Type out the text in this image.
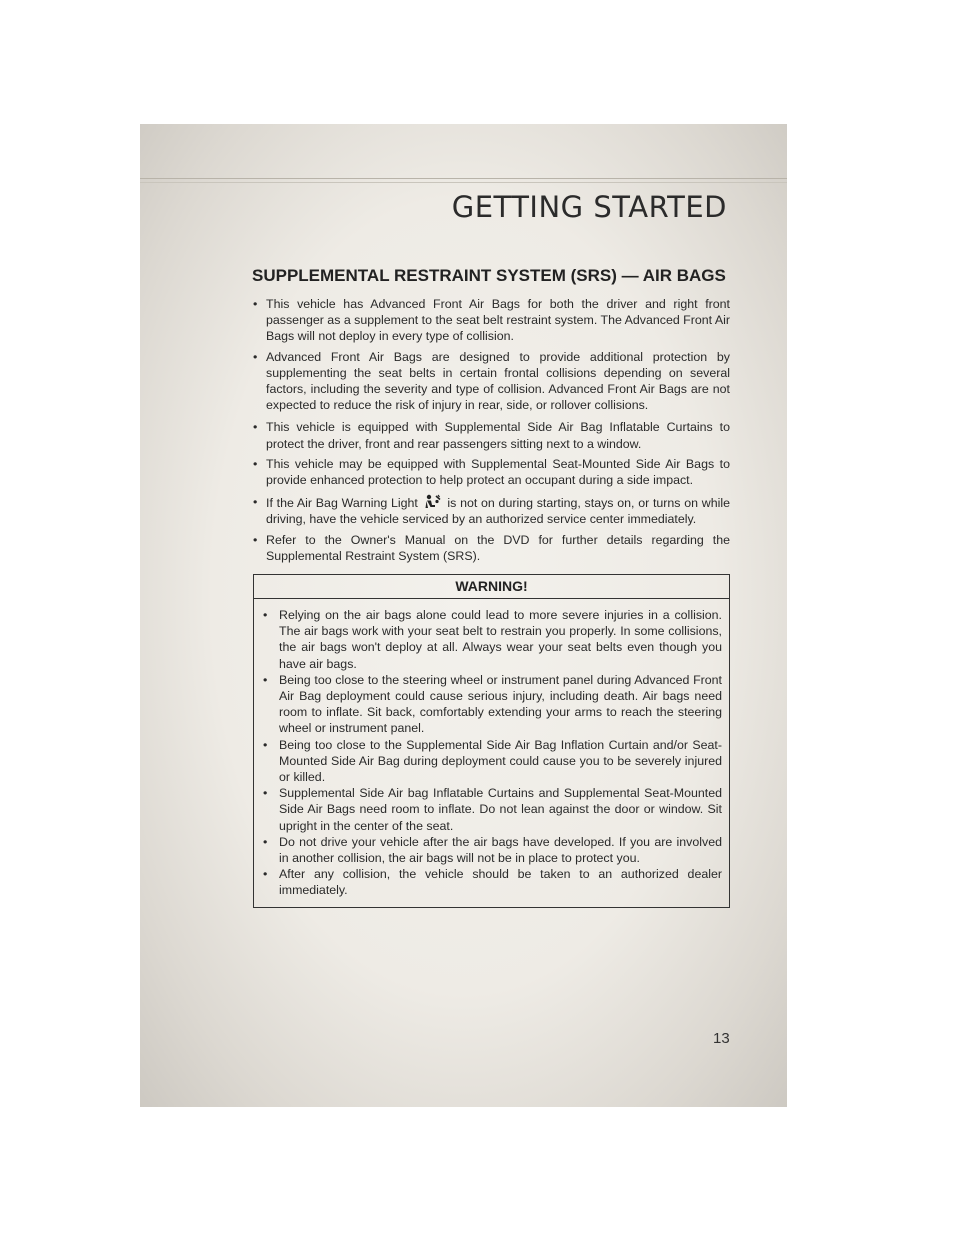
GETTING STARTED
SUPPLEMENTAL RESTRAINT SYSTEM (SRS) — AIR BAGS
• This vehicle has Advanced Front Air Bags for both the driver and right front passenger as a supplement to the seat belt restraint system. The Advanced Front Air Bags will not deploy in every type of collision.
• Advanced Front Air Bags are designed to provide additional protection by supplementing the seat belts in certain frontal collisions depending on several factors, including the severity and type of collision. Advanced Front Air Bags are not expected to reduce the risk of injury in rear, side, or rollover collisions.
• This vehicle is equipped with Supplemental Side Air Bag Inflatable Curtains to protect the driver, front and rear passengers sitting next to a window.
• This vehicle may be equipped with Supplemental Seat-Mounted Side Air Bags to provide enhanced protection to help protect an occupant during a side impact.
• If the Air Bag Warning Light is not on during starting, stays on, or turns on while driving, have the vehicle serviced by an authorized service center immediately.
• Refer to the Owner's Manual on the DVD for further details regarding the Supplemental Restraint System (SRS).
WARNING!
• Relying on the air bags alone could lead to more severe injuries in a collision. The air bags work with your seat belt to restrain you properly. In some collisions, the air bags won't deploy at all. Always wear your seat belts even though you have air bags.
• Being too close to the steering wheel or instrument panel during Advanced Front Air Bag deployment could cause serious injury, including death. Air bags need room to inflate. Sit back, comfortably extending your arms to reach the steering wheel or instrument panel.
• Being too close to the Supplemental Side Air Bag Inflation Curtain and/or Seat-Mounted Side Air Bag during deployment could cause you to be severely injured or killed.
• Supplemental Side Air bag Inflatable Curtains and Supplemental Seat-Mounted Side Air Bags need room to inflate. Do not lean against the door or window. Sit upright in the center of the seat.
• Do not drive your vehicle after the air bags have developed. If you are involved in another collision, the air bags will not be in place to protect you.
• After any collision, the vehicle should be taken to an authorized dealer immediately.
13
